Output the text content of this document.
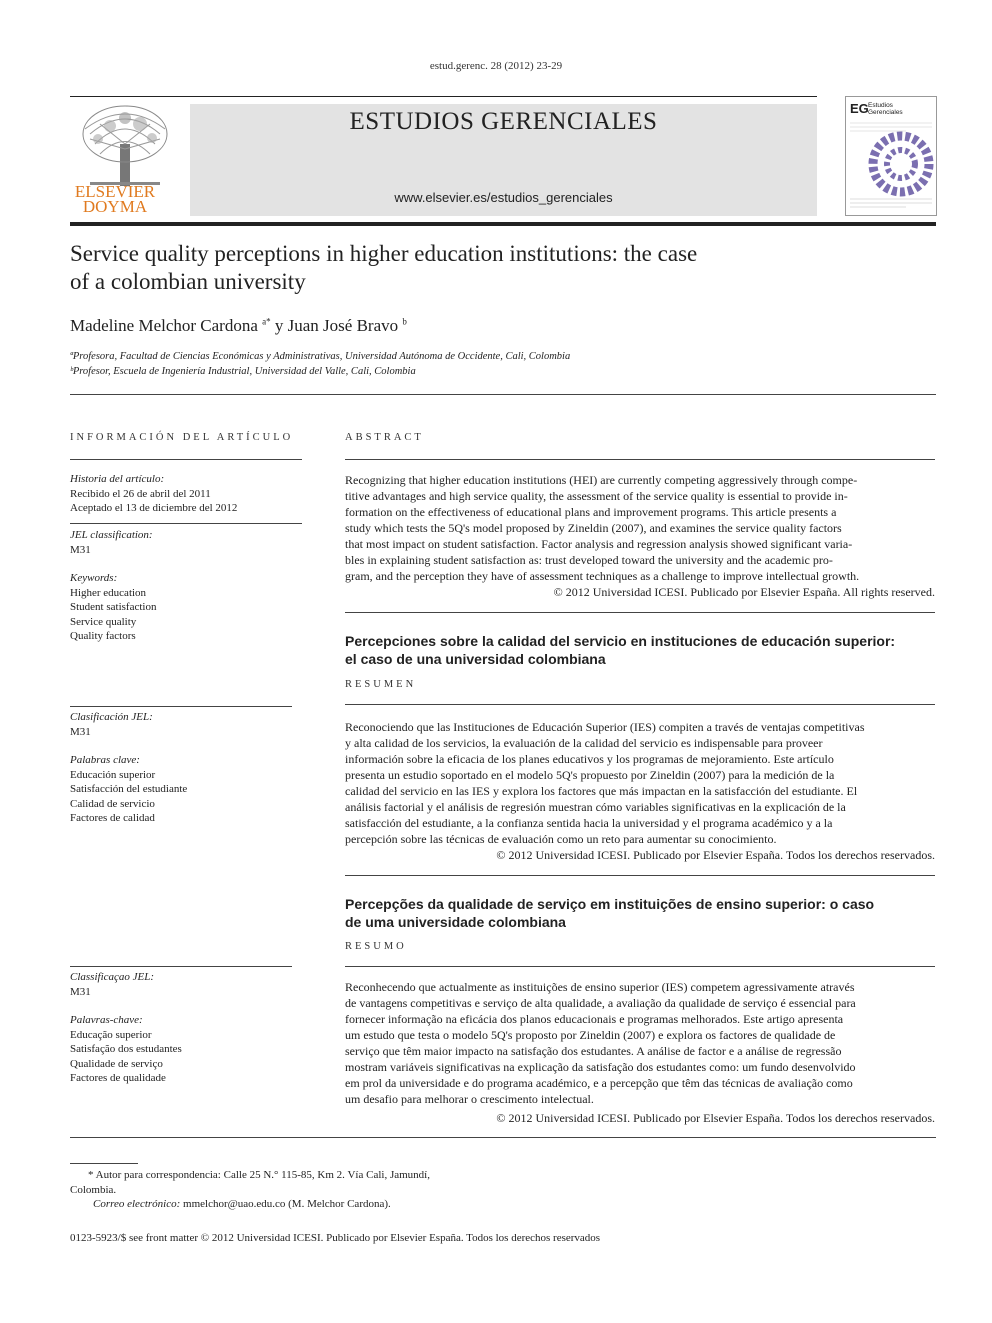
estud.gerenc. 28 (2012) 23-29
ELSEVIER
DOYMA
ESTUDIOS GERENCIALES
www.elsevier.es/estudios_gerenciales
EG Estudios
Gerenciales
Service quality perceptions in higher education institutions: the case
of a colombian university
Madeline Melchor Cardona $^{a*}$ y Juan José Bravo $^b$
ªProfesora, Facultad de Ciencias Económicas y Administrativas, Universidad Autónoma de Occidente, Cali, Colombia
ᵇProfesor, Escuela de Ingeniería Industrial, Universidad del Valle, Cali, Colombia
INFORMACIÓN DEL ARTÍCULO
Historia del artículo:
Recibido el 26 de abril del 2011
Aceptado el 13 de diciembre del 2012
JEL classification:
M31
Keywords:
Higher education
Student satisfaction
Service quality
Quality factors
Clasificación JEL:
M31
Palabras clave:
Educación superior
Satisfacción del estudiante
Calidad de servicio
Factores de calidad
Classificaçao JEL:
M31
Palavras-chave:
Educação superior
Satisfação dos estudantes
Qualidade de serviço
Factores de qualidade
ABSTRACT
Recognizing that higher education institutions (HEI) are currently competing aggressively through compe-
titive advantages and high service quality, the assessment of the service quality is essential to provide in-
formation on the effectiveness of educational plans and improvement programs. This article presents a
study which tests the 5Q's model proposed by Zineldin (2007), and examines the service quality factors
that most impact on student satisfaction. Factor analysis and regression analysis showed significant varia-
bles in explaining student satisfaction as: trust developed toward the university and the academic pro-
gram, and the perception they have of assessment techniques as a challenge to improve intellectual growth.
© 2012 Universidad ICESI. Publicado por Elsevier España. All rights reserved.
Percepciones sobre la calidad del servicio en instituciones de educación superior:
el caso de una universidad colombiana
RESUMEN
Reconociendo que las Instituciones de Educación Superior (IES) compiten a través de ventajas competitivas
y alta calidad de los servicios, la evaluación de la calidad del servicio es indispensable para proveer
información sobre la eficacia de los planes educativos y los programas de mejoramiento. Este artículo
presenta un estudio soportado en el modelo 5Q's propuesto por Zineldin (2007) para la medición de la
calidad del servicio en las IES y explora los factores que más impactan en la satisfacción del estudiante. El
análisis factorial y el análisis de regresión muestran cómo variables significativas en la explicación de la
satisfacción del estudiante, a la confianza sentida hacia la universidad y el programa académico y a la
percepción sobre las técnicas de evaluación como un reto para aumentar su conocimiento.
© 2012 Universidad ICESI. Publicado por Elsevier España. Todos los derechos reservados.
Percepções da qualidade de serviço em instituições de ensino superior: o caso
de uma universidade colombiana
RESUMO
Reconhecendo que actualmente as instituições de ensino superior (IES) competem agressivamente através
de vantagens competitivas e serviço de alta qualidade, a avaliação da qualidade de serviço é essencial para
fornecer informação na eficácia dos planos educacionais e programas melhorados. Este artigo apresenta
um estudo que testa o modelo 5Q's proposto por Zineldin (2007) e explora os factores de qualidade de
serviço que têm maior impacto na satisfação dos estudantes. A análise de factor e a análise de regressão
mostram variáveis significativas na explicação da satisfação dos estudantes como: um fundo desenvolvido
em prol da universidade e do programa académico, e a percepção que têm das técnicas de avaliação como
um desafio para melhorar o crescimento intelectual.
© 2012 Universidad ICESI. Publicado por Elsevier España. Todos los derechos reservados.
* Autor para correspondencia: Calle 25 N.° 115-85, Km 2. Vía Cali, Jamundí,
Colombia.
Correo electrónico: mmelchor@uao.edu.co (M. Melchor Cardona).
0123-5923/$ see front matter © 2012 Universidad ICESI. Publicado por Elsevier España. Todos los derechos reservados
